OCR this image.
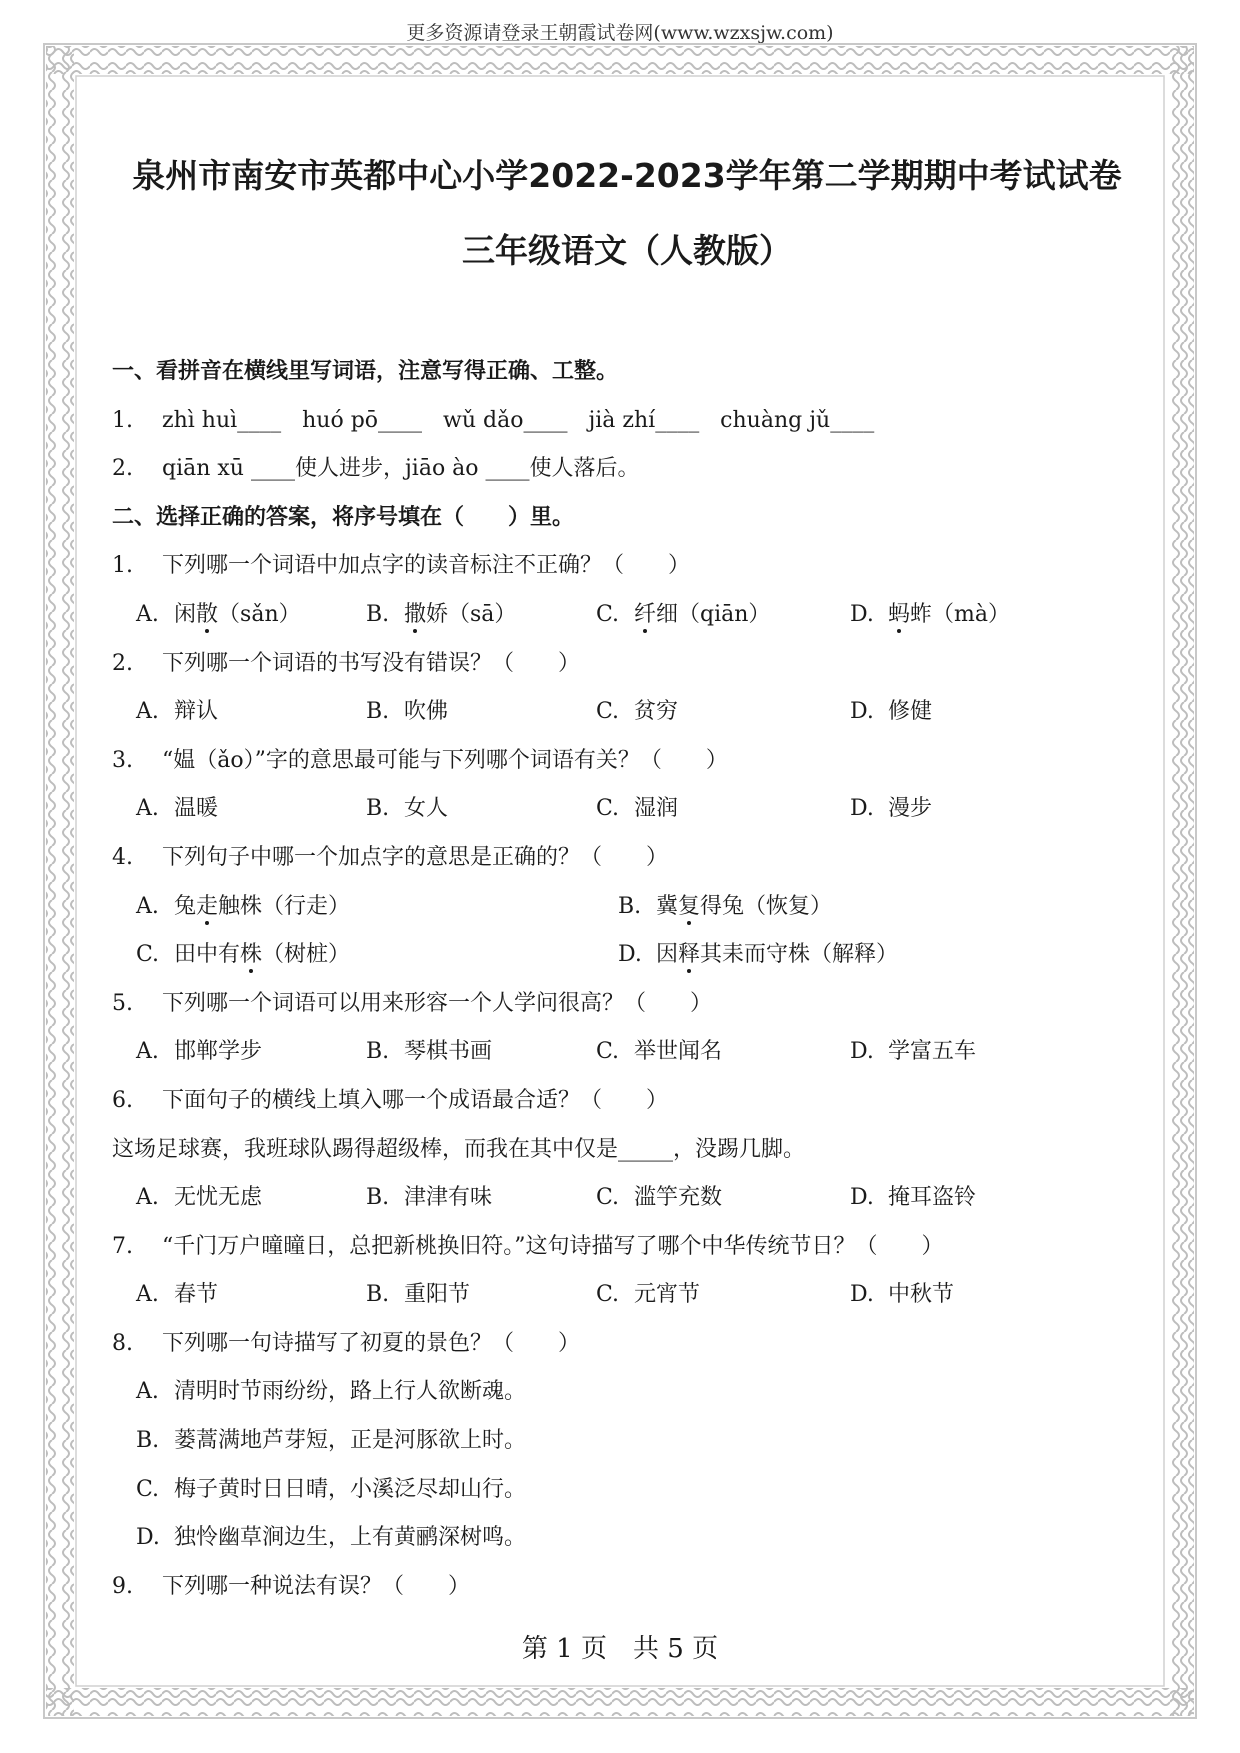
更多资源请登录王朝霞试卷网(www.wzxsjw.com)
泉州市南安市英都中心小学2022-2023学年第二学期期中考试试卷
三年级语文（人教版）
一、看拼音在横线里写词语，注意写得正确、工整。
1. zhì huì____   huó pō____   wǔ dǎo____   jià zhí____   chuàng jǔ____
2. qiān xū ____使人进步，jiāo ào ____使人落后。
二、选择正确的答案，将序号填在（　　）里。
1. 下列哪一个词语中加点字的读音标注不正确？（　　）
A. 闲散（sǎn）	B. 撒娇（sā）	C. 纤细（qiān）	D. 蚂蚱（mà）
2. 下列哪一个词语的书写没有错误？（　　）
A. 辩认	B. 吹佛	C. 贫穷	D. 修健
3. “媪（ǎo）”字的意思最可能与下列哪个词语有关？（　　）
A. 温暖	B. 女人	C. 湿润	D. 漫步
4. 下列句子中哪一个加点字的意思是正确的？（　　）
A. 兔走触株（行走）	B. 冀复得兔（恢复）
C. 田中有株（树桩）	D. 因释其耒而守株（解释）
5. 下列哪一个词语可以用来形容一个人学问很高？（　　）
A. 邯郸学步	B. 琴棋书画	C. 举世闻名	D. 学富五车
6. 下面句子的横线上填入哪一个成语最合适？（　　）
这场足球赛，我班球队踢得超级棒，而我在其中仅是_____，没踢几脚。
A. 无忧无虑	B. 津津有味	C. 滥竽充数	D. 掩耳盗铃
7. “千门万户曈曈日，总把新桃换旧符。”这句诗描写了哪个中华传统节日？（　　）
A. 春节	B. 重阳节	C. 元宵节	D. 中秋节
8. 下列哪一句诗描写了初夏的景色？（　　）
A. 清明时节雨纷纷，路上行人欲断魂。
B. 蒌蒿满地芦芽短，正是河豚欲上时。
C. 梅子黄时日日晴，小溪泛尽却山行。
D. 独怜幽草涧边生，上有黄鹂深树鸣。
9. 下列哪一种说法有误？（　　）
第 1 页　共 5 页
